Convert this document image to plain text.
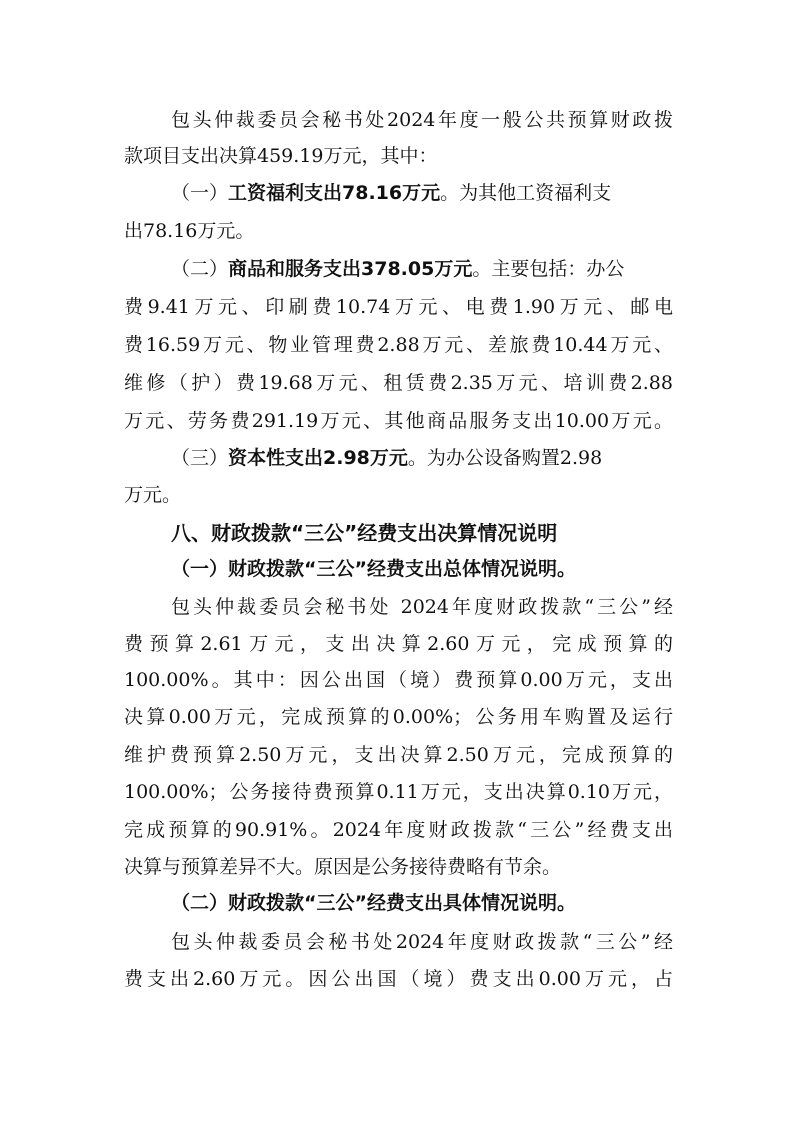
包头仲裁委员会秘书处2024年度一般公共预算财政拨
款项目支出决算459.19万元，其中：
（一）工资福利支出78.16万元。为其他工资福利支
出78.16万元。
（二）商品和服务支出378.05万元。主要包括：办公
费9.41万元、印刷费10.74万元、电费1.90万元、邮电
费16.59万元、物业管理费2.88万元、差旅费10.44万元、
维修（护）费19.68万元、租赁费2.35万元、培训费2.88
万元、劳务费291.19万元、其他商品服务支出10.00万元。
（三）资本性支出2.98万元。为办公设备购置2.98
万元。
八、财政拨款“三公”经费支出决算情况说明
（一）财政拨款“三公”经费支出总体情况说明。
包头仲裁委员会秘书处 2024年度财政拨款“三公”经
费预算2.61万元，支出决算2.60万元，完成预算的
100.00%。其中：因公出国（境）费预算0.00万元，支出
决算0.00万元，完成预算的0.00%；公务用车购置及运行
维护费预算2.50万元，支出决算2.50万元，完成预算的
100.00%；公务接待费预算0.11万元，支出决算0.10万元，
完成预算的90.91%。2024年度财政拨款“三公”经费支出
决算与预算差异不大。原因是公务接待费略有节余。
（二）财政拨款“三公”经费支出具体情况说明。
包头仲裁委员会秘书处2024年度财政拨款“三公”经
费支出2.60万元。因公出国（境）费支出0.00万元，占
